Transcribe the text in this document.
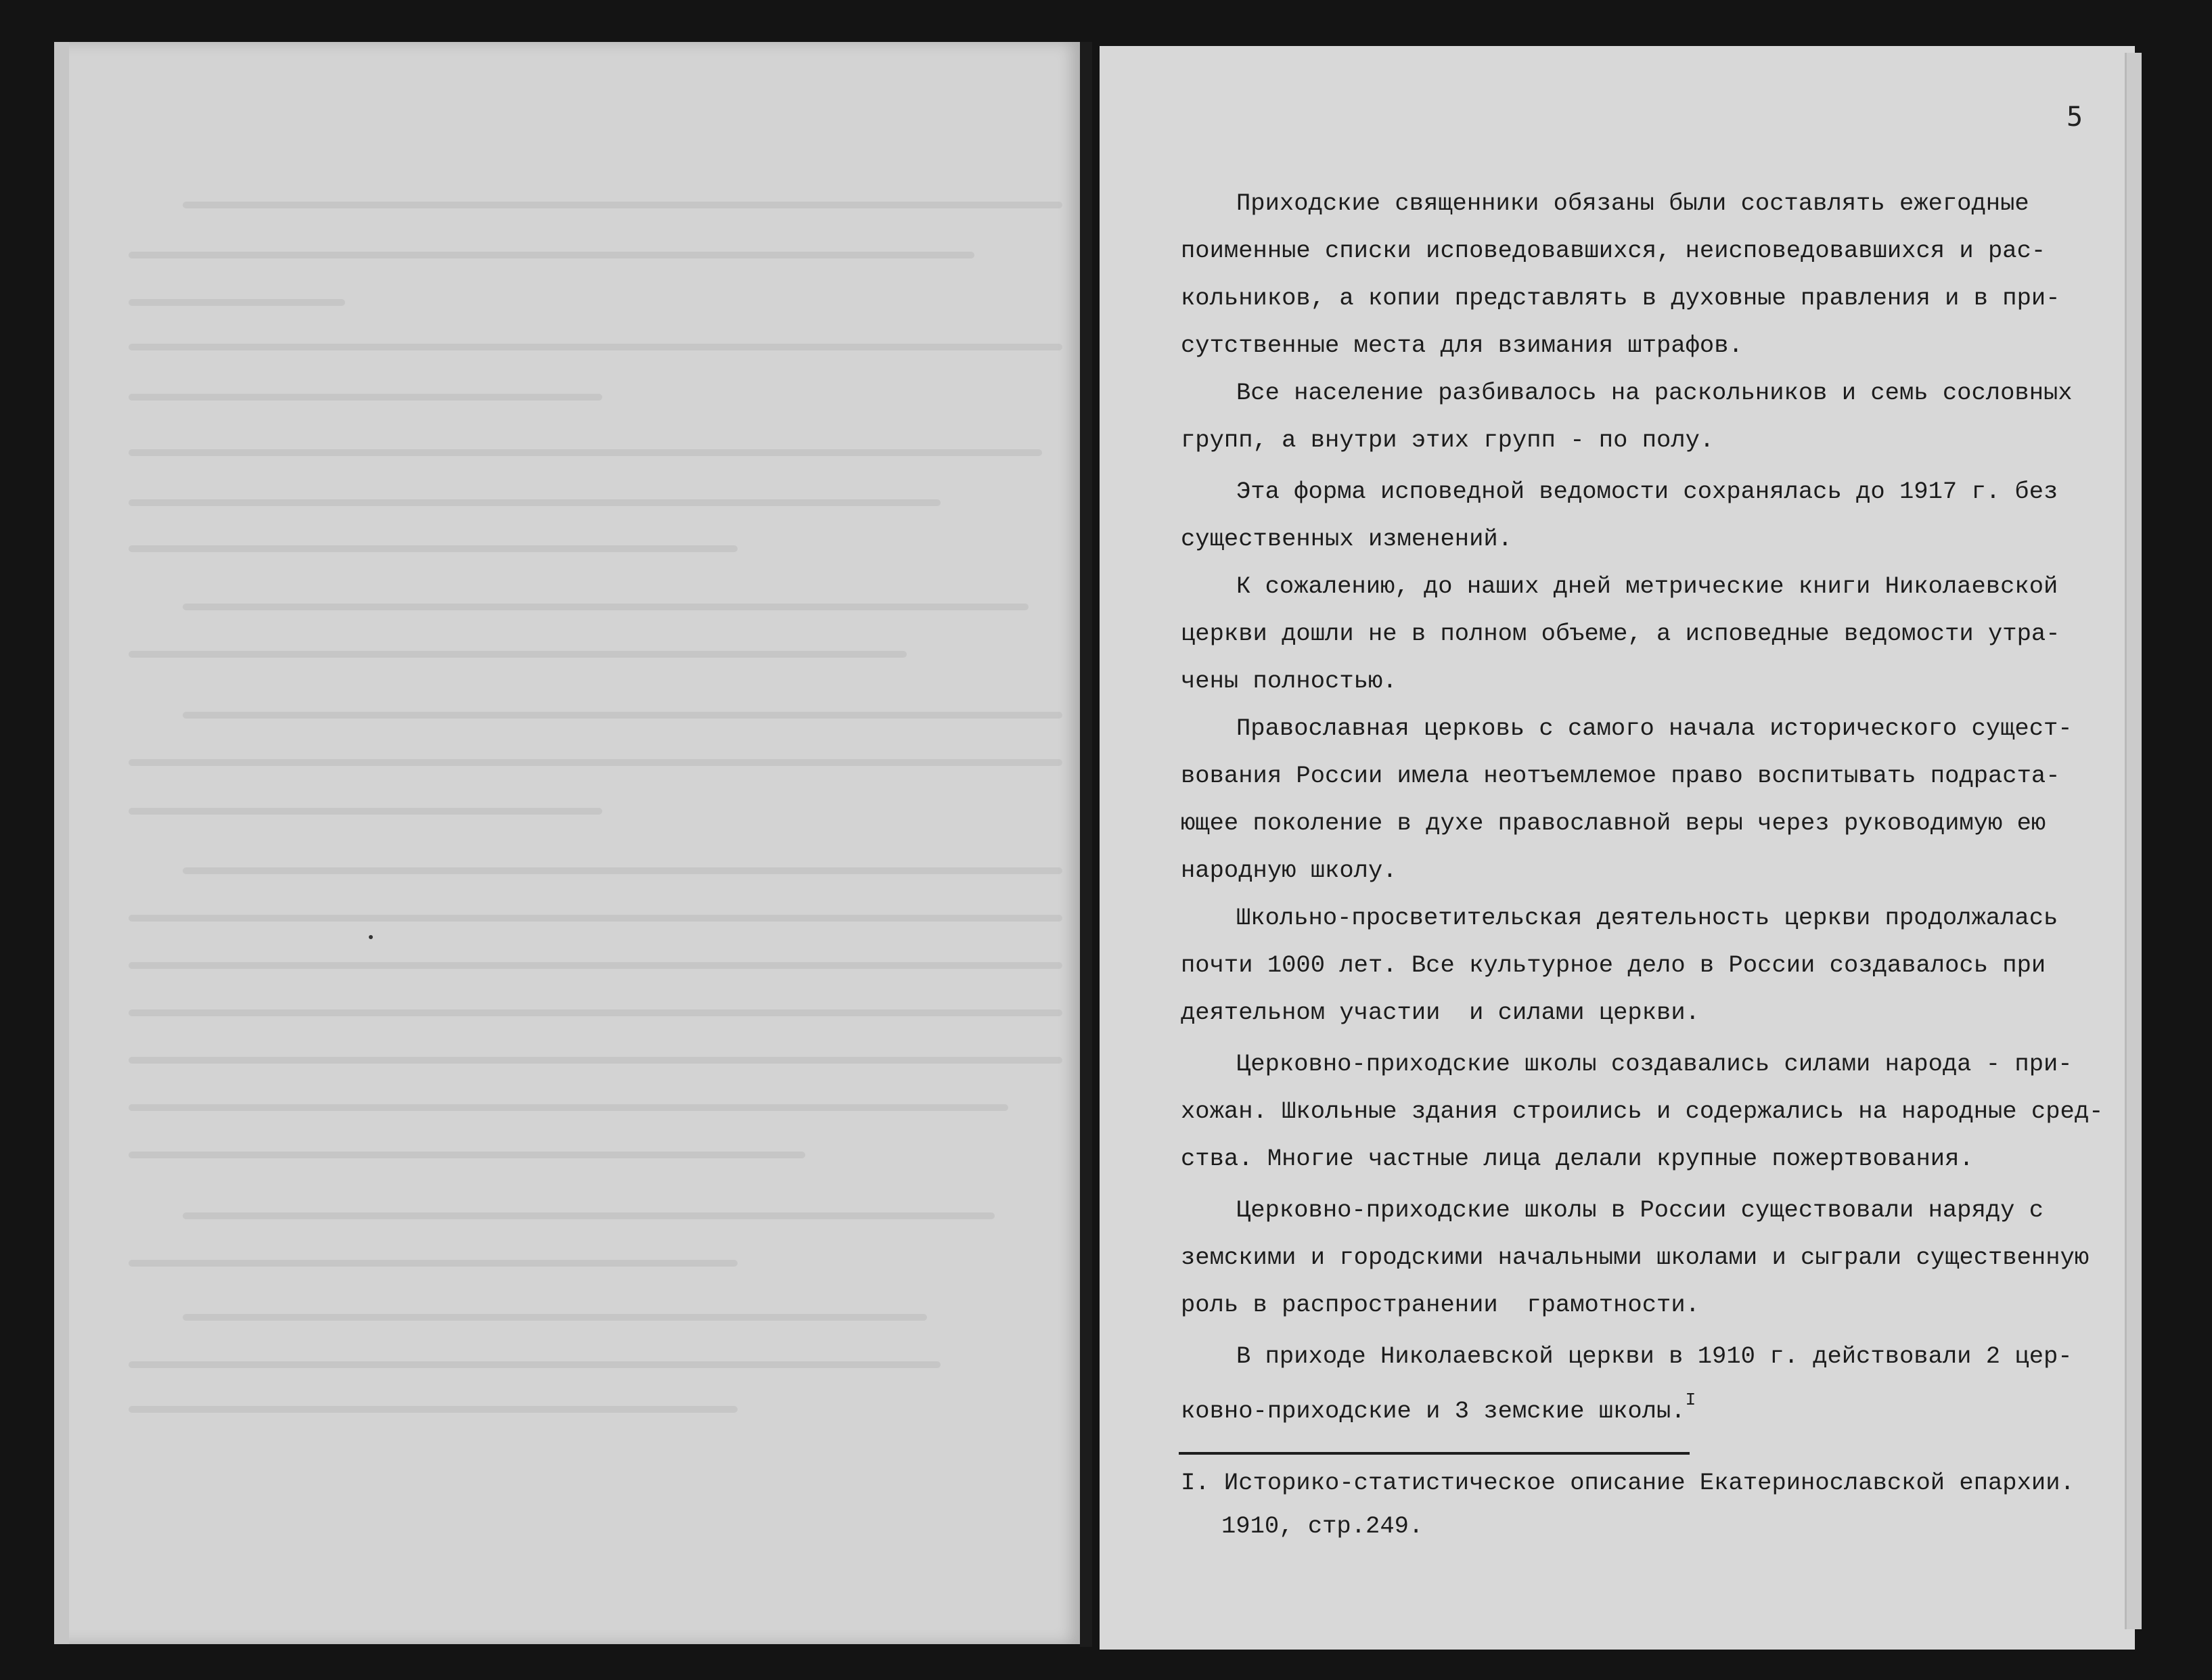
5
Приходские священники обязаны были составлять ежегодные
поименные списки исповедовавшихся, неисповедовавшихся и рас-
кольников, а копии представлять в духовные правления и в при-
сутственные места для взимания штрафов.
Все население разбивалось на раскольников и семь сословных
групп, а внутри этих групп - по полу.
Эта форма исповедной ведомости сохранялась до 1917 г. без
существенных изменений.
К сожалению, до наших дней метрические книги Николаевской
церкви дошли не в полном объеме, а исповедные ведомости утра-
чены полностью.
Православная церковь с самого начала исторического сущест-
вования России имела неотъемлемое право воспитывать подраста-
ющее поколение в духе православной веры через руководимую ею
народную школу.
Школьно-просветительская деятельность церкви продолжалась
почти 1000 лет. Все культурное дело в России создавалось при
деятельном участии  и силами церкви.
Церковно-приходские школы создавались силами народа - при-
хожан. Школьные здания строились и содержались на народные сред-
ства. Многие частные лица делали крупные пожертвования.
Церковно-приходские школы в России существовали наряду с
земскими и городскими начальными школами и сыграли существенную
роль в распространении  грамотности.
В приходе Николаевской церкви в 1910 г. действовали 2 цер-
ковно-приходские и 3 земские школы.$^I$
I. Историко-статистическое описание Екатеринославской епархии.
1910, стр.249.
